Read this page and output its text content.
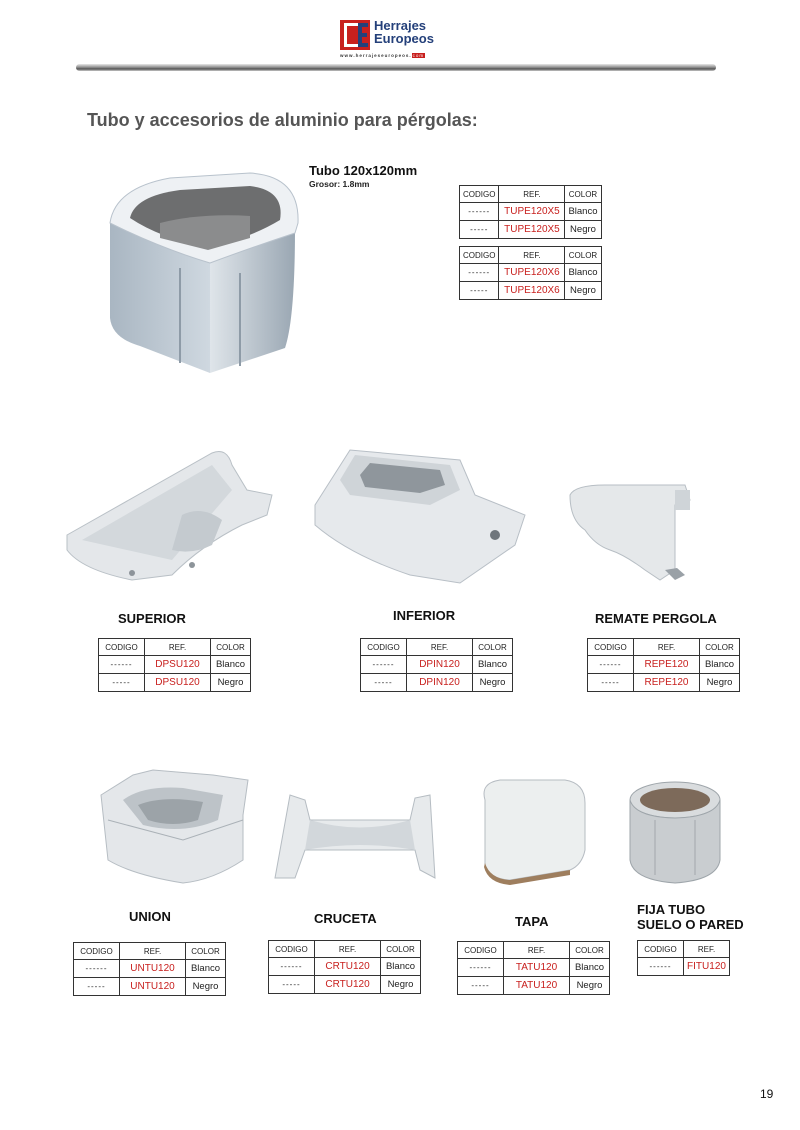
Herrajes
Europeos
www.herrajeseuropeos.com
Tubo y accesorios de aluminio para pérgolas:
Tubo 120x120mm
Grosor: 1.8mm
CODIGO	REF.	COLOR
------	TUPE120X5	Blanco
-----	TUPE120X5	Negro
CODIGO	REF.	COLOR
------	TUPE120X6	Blanco
-----	TUPE120X6	Negro
SUPERIOR	INFERIOR	REMATE PERGOLA
CODIGO	REF.	COLOR
------	DPSU120	Blanco
-----	DPSU120	Negro
CODIGO	REF.	COLOR
------	DPIN120	Blanco
-----	DPIN120	Negro
CODIGO	REF.	COLOR
------	REPE120	Blanco
-----	REPE120	Negro
UNION	CRUCETA	TAPA
FIJA TUBO
SUELO O PARED
CODIGO	REF.	COLOR
------	UNTU120	Blanco
-----	UNTU120	Negro
CODIGO	REF.	COLOR
------	CRTU120	Blanco
-----	CRTU120	Negro
CODIGO	REF.	COLOR
------	TATU120	Blanco
-----	TATU120	Negro
CODIGO	REF.
------	FITU120
19
